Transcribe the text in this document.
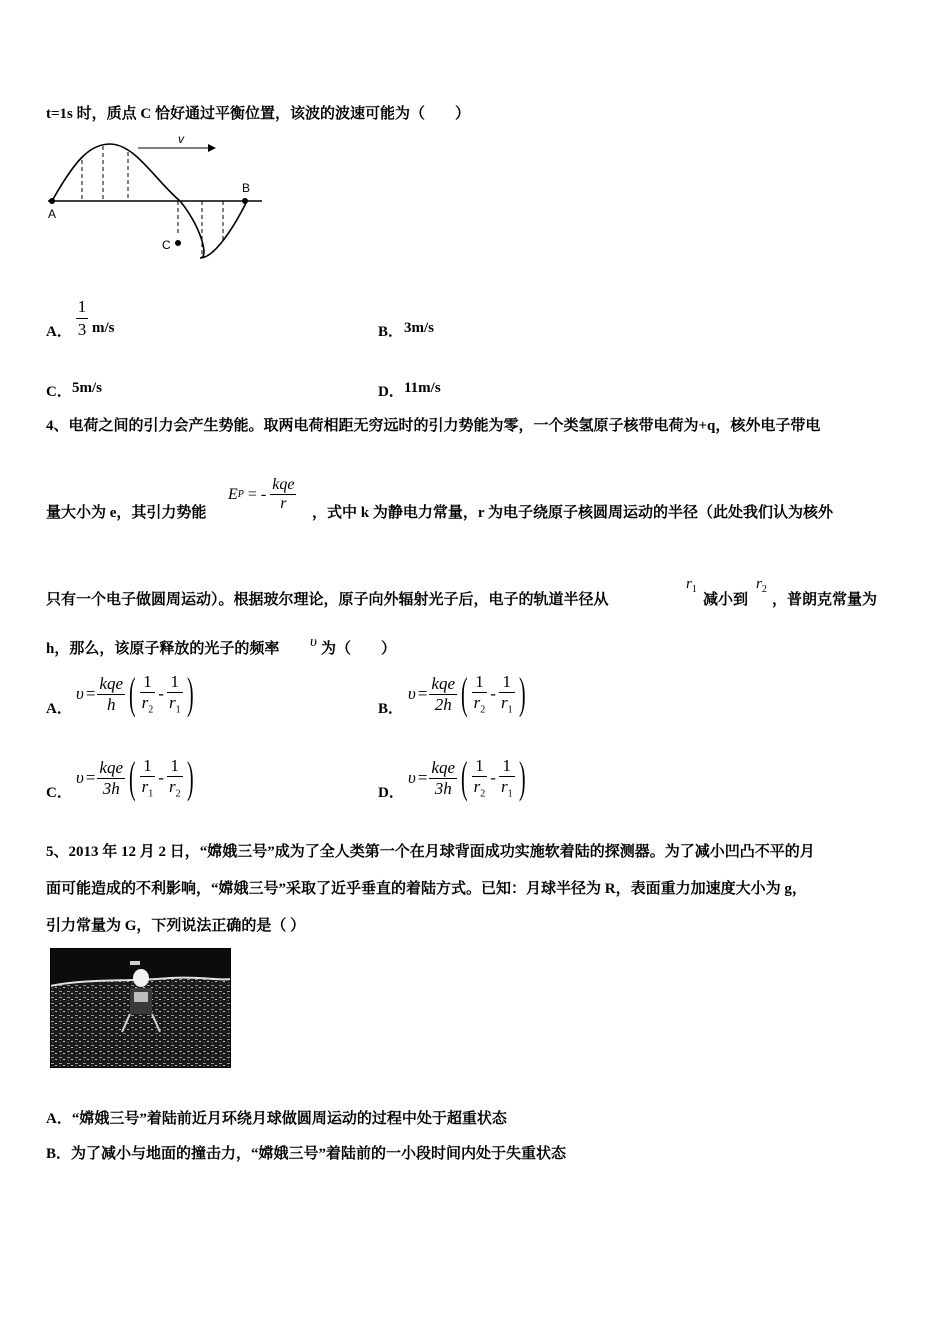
t=1s 时，质点 C 恰好通过平衡位置，该波的波速可能为（　　）
v
A
B
C
A． $\frac{1}{3} m/s$	B． 3m/s
C． 5m/s	D． 11m/s
4、电荷之间的引力会产生势能。取两电荷相距无穷远时的引力势能为零，一个类氢原子核带电荷为+q，核外电子带电
量大小为 e，其引力势能
E P = - $\frac{\text{kqe}}{r}$ ，式中 k 为静电力常量，r 为电子绕原子核圆周运动的半径（此处我们认为核外
只有一个电子做圆周运动）。根据玻尔理论，原子向外辐射光子后，电子的轨道半径从
$r_1$
减小到
$r_2$
，普朗克常量为
h，那么，该原子释放的光子的频率 υ 为（　　）
A．
$\upsilon = \frac{\text{kqe}}{h}$ ( $\frac{1}{r_2} - \frac{1}{r_1}$ )	B．
$\upsilon = \frac{\text{kqe}}{2h}$ ( $\frac{1}{r_2} - \frac{1}{r_1}$ )
C．
$\upsilon = \frac{\text{kqe}}{3h}$ ( $\frac{1}{r_1} - \frac{1}{r_2}$ )	D．
$\upsilon = \frac{\text{kqe}}{3h}$ ( $\frac{1}{r_2} - \frac{1}{r_1}$ )
5、2013 年 12 月 2 日，“嫦娥三号”成为了全人类第一个在月球背面成功实施软着陆的探测器。为了减小凹凸不平的月
面可能造成的不利影响，“嫦娥三号”采取了近乎垂直的着陆方式。已知：月球半径为 R，表面重力加速度大小为 g，
引力常量为 G，下列说法正确的是（ ）
A．“嫦娥三号”着陆前近月环绕月球做圆周运动的过程中处于超重状态
B．为了减小与地面的撞击力，“嫦娥三号”着陆前的一小段时间内处于失重状态
